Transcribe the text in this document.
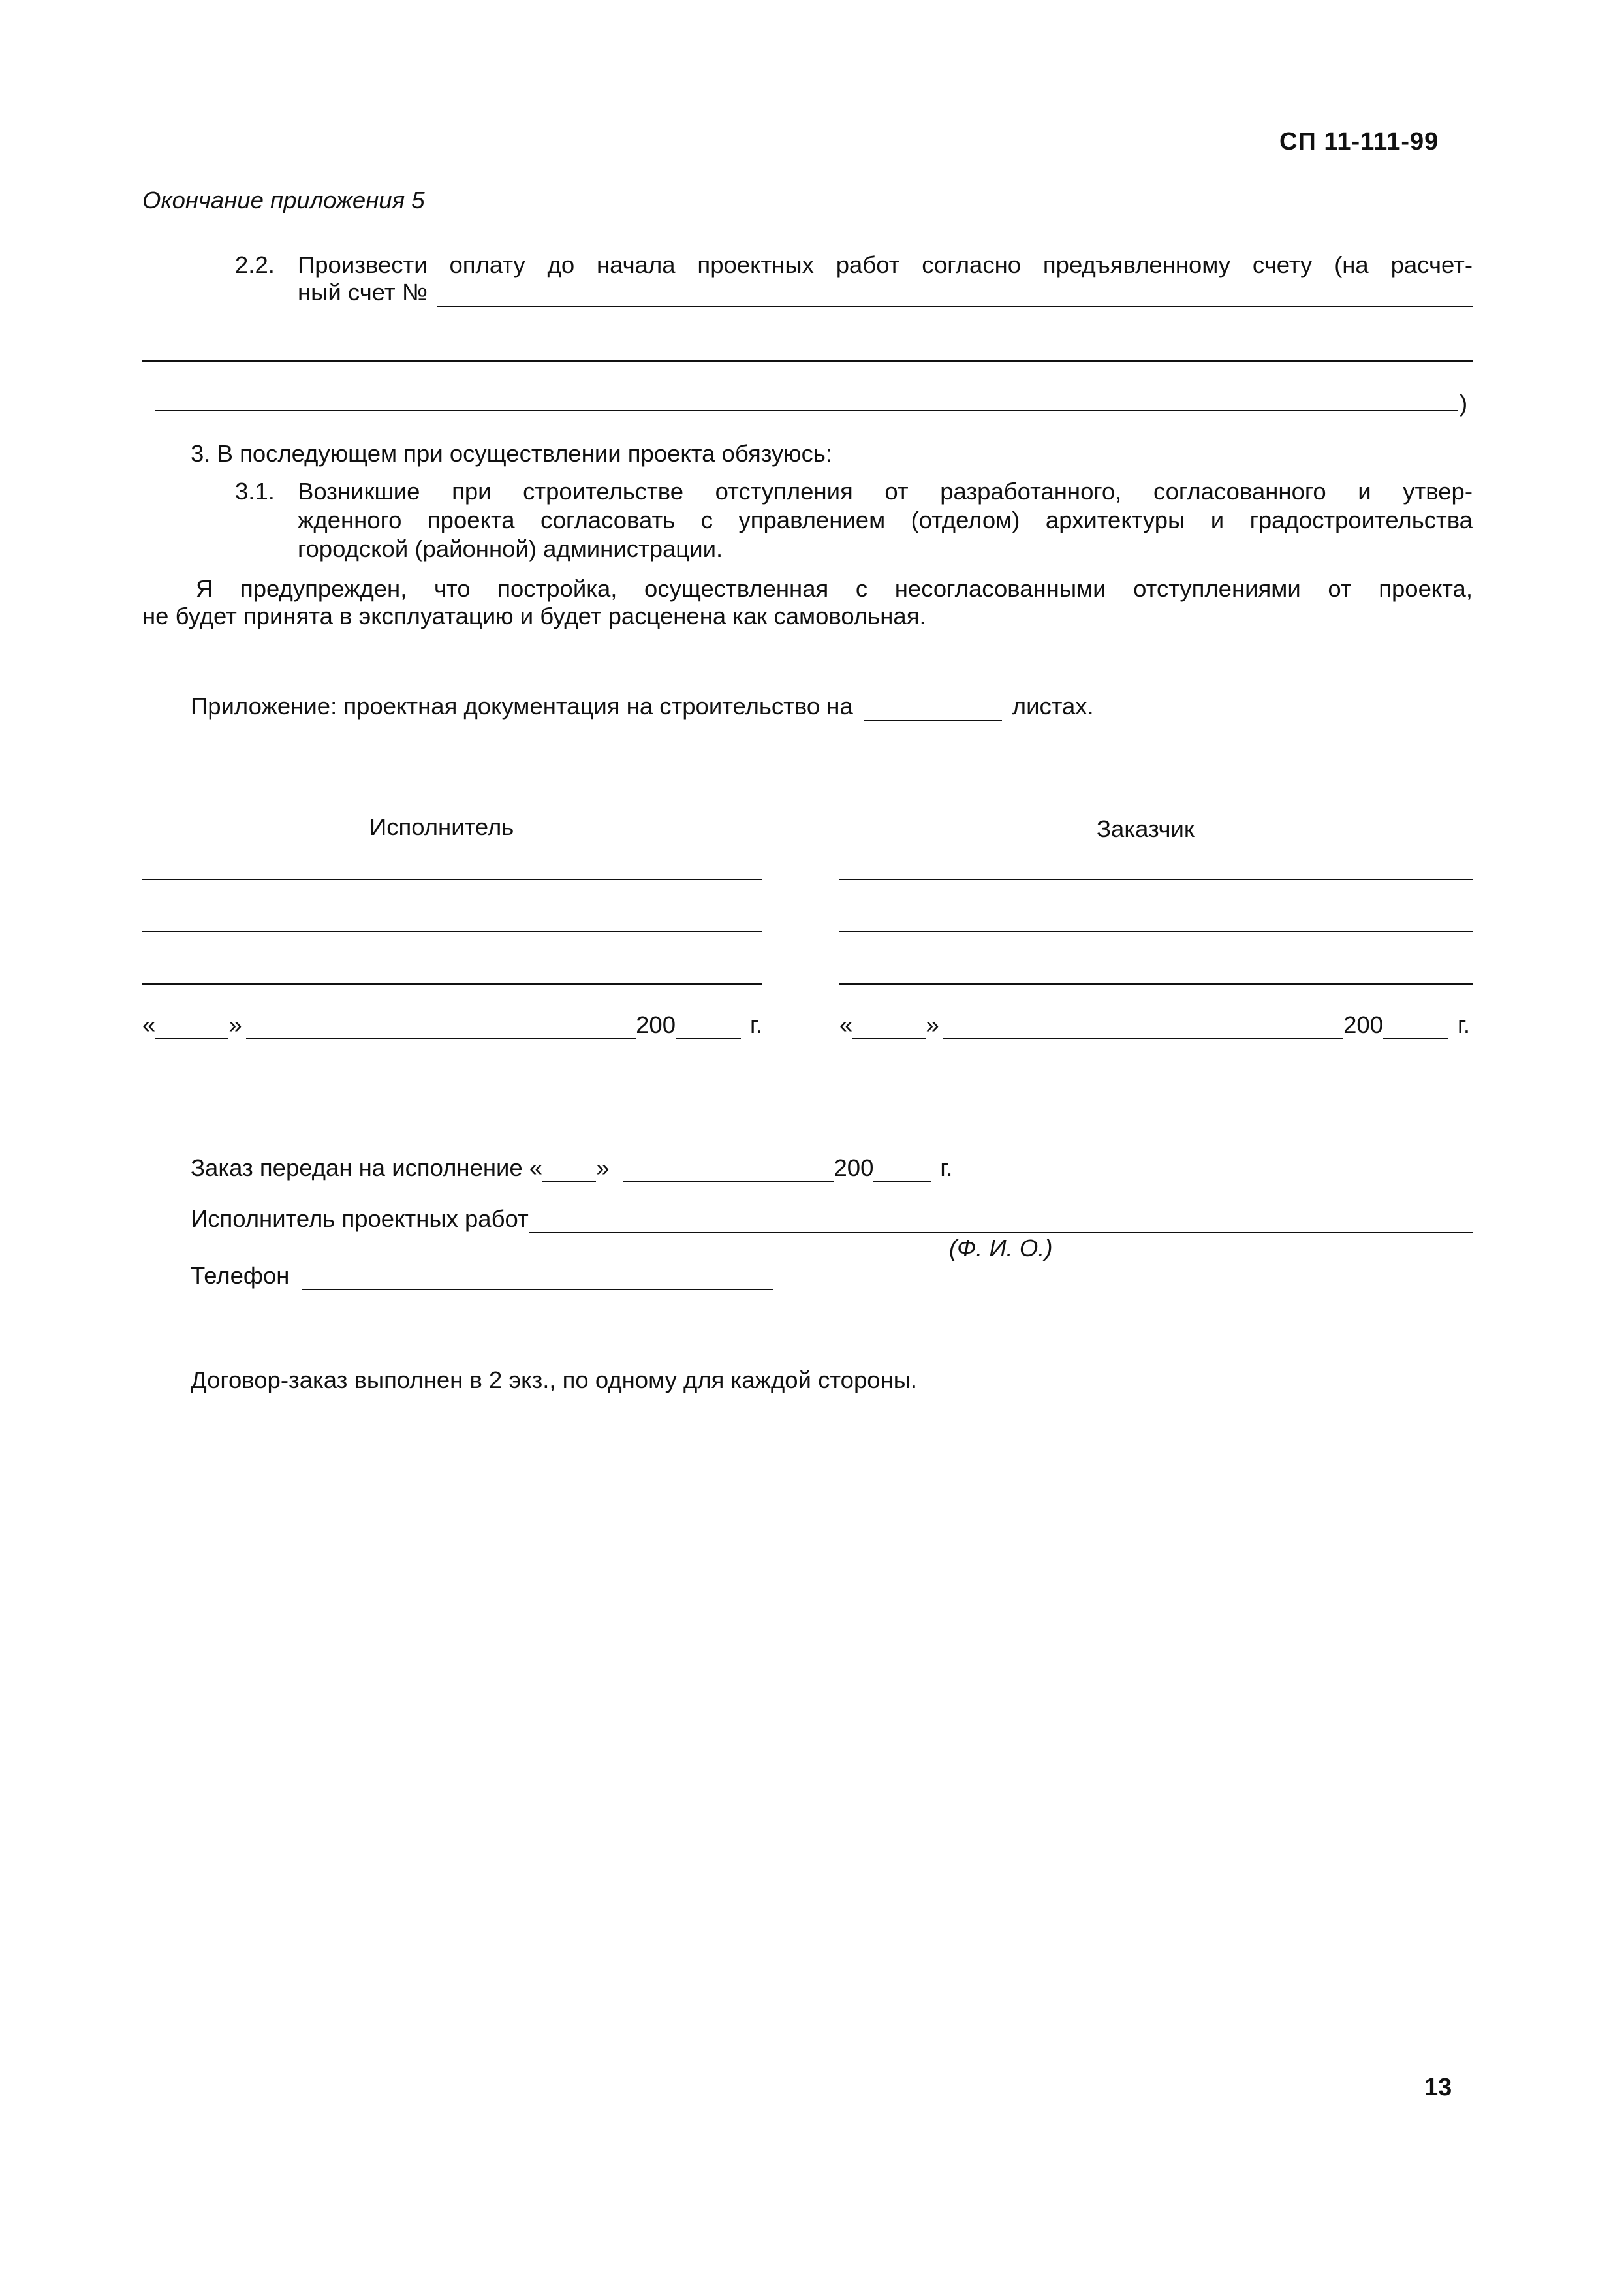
СП 11-111-99
Окончание приложения 5
2.2. Произвести оплату до начала проектных работ согласно предъявленному счету (на расчет-
ный счет №
)
3. В последующем при осуществлении проекта обязуюсь:
3.1. Возникшие при строительстве отступления от разработанного, согласованного и утвер-
жденного проекта согласовать с управлением (отделом) архитектуры и градостроительства
городской (районной) администрации.
Я предупрежден, что постройка, осуществленная с несогласованными отступлениями от проекта,
не будет принята в эксплуатацию и будет расценена как самовольная.
Приложение: проектная документация на строительство на	листах.
Исполнитель	Заказчик
«	»	200	г.	«	»	200	г.
Заказ передан на исполнение « »	200	г.
Исполнитель проектных работ
(Ф. И. О.)
Телефон
Договор-заказ выполнен в 2 экз., по одному для каждой стороны.
13
